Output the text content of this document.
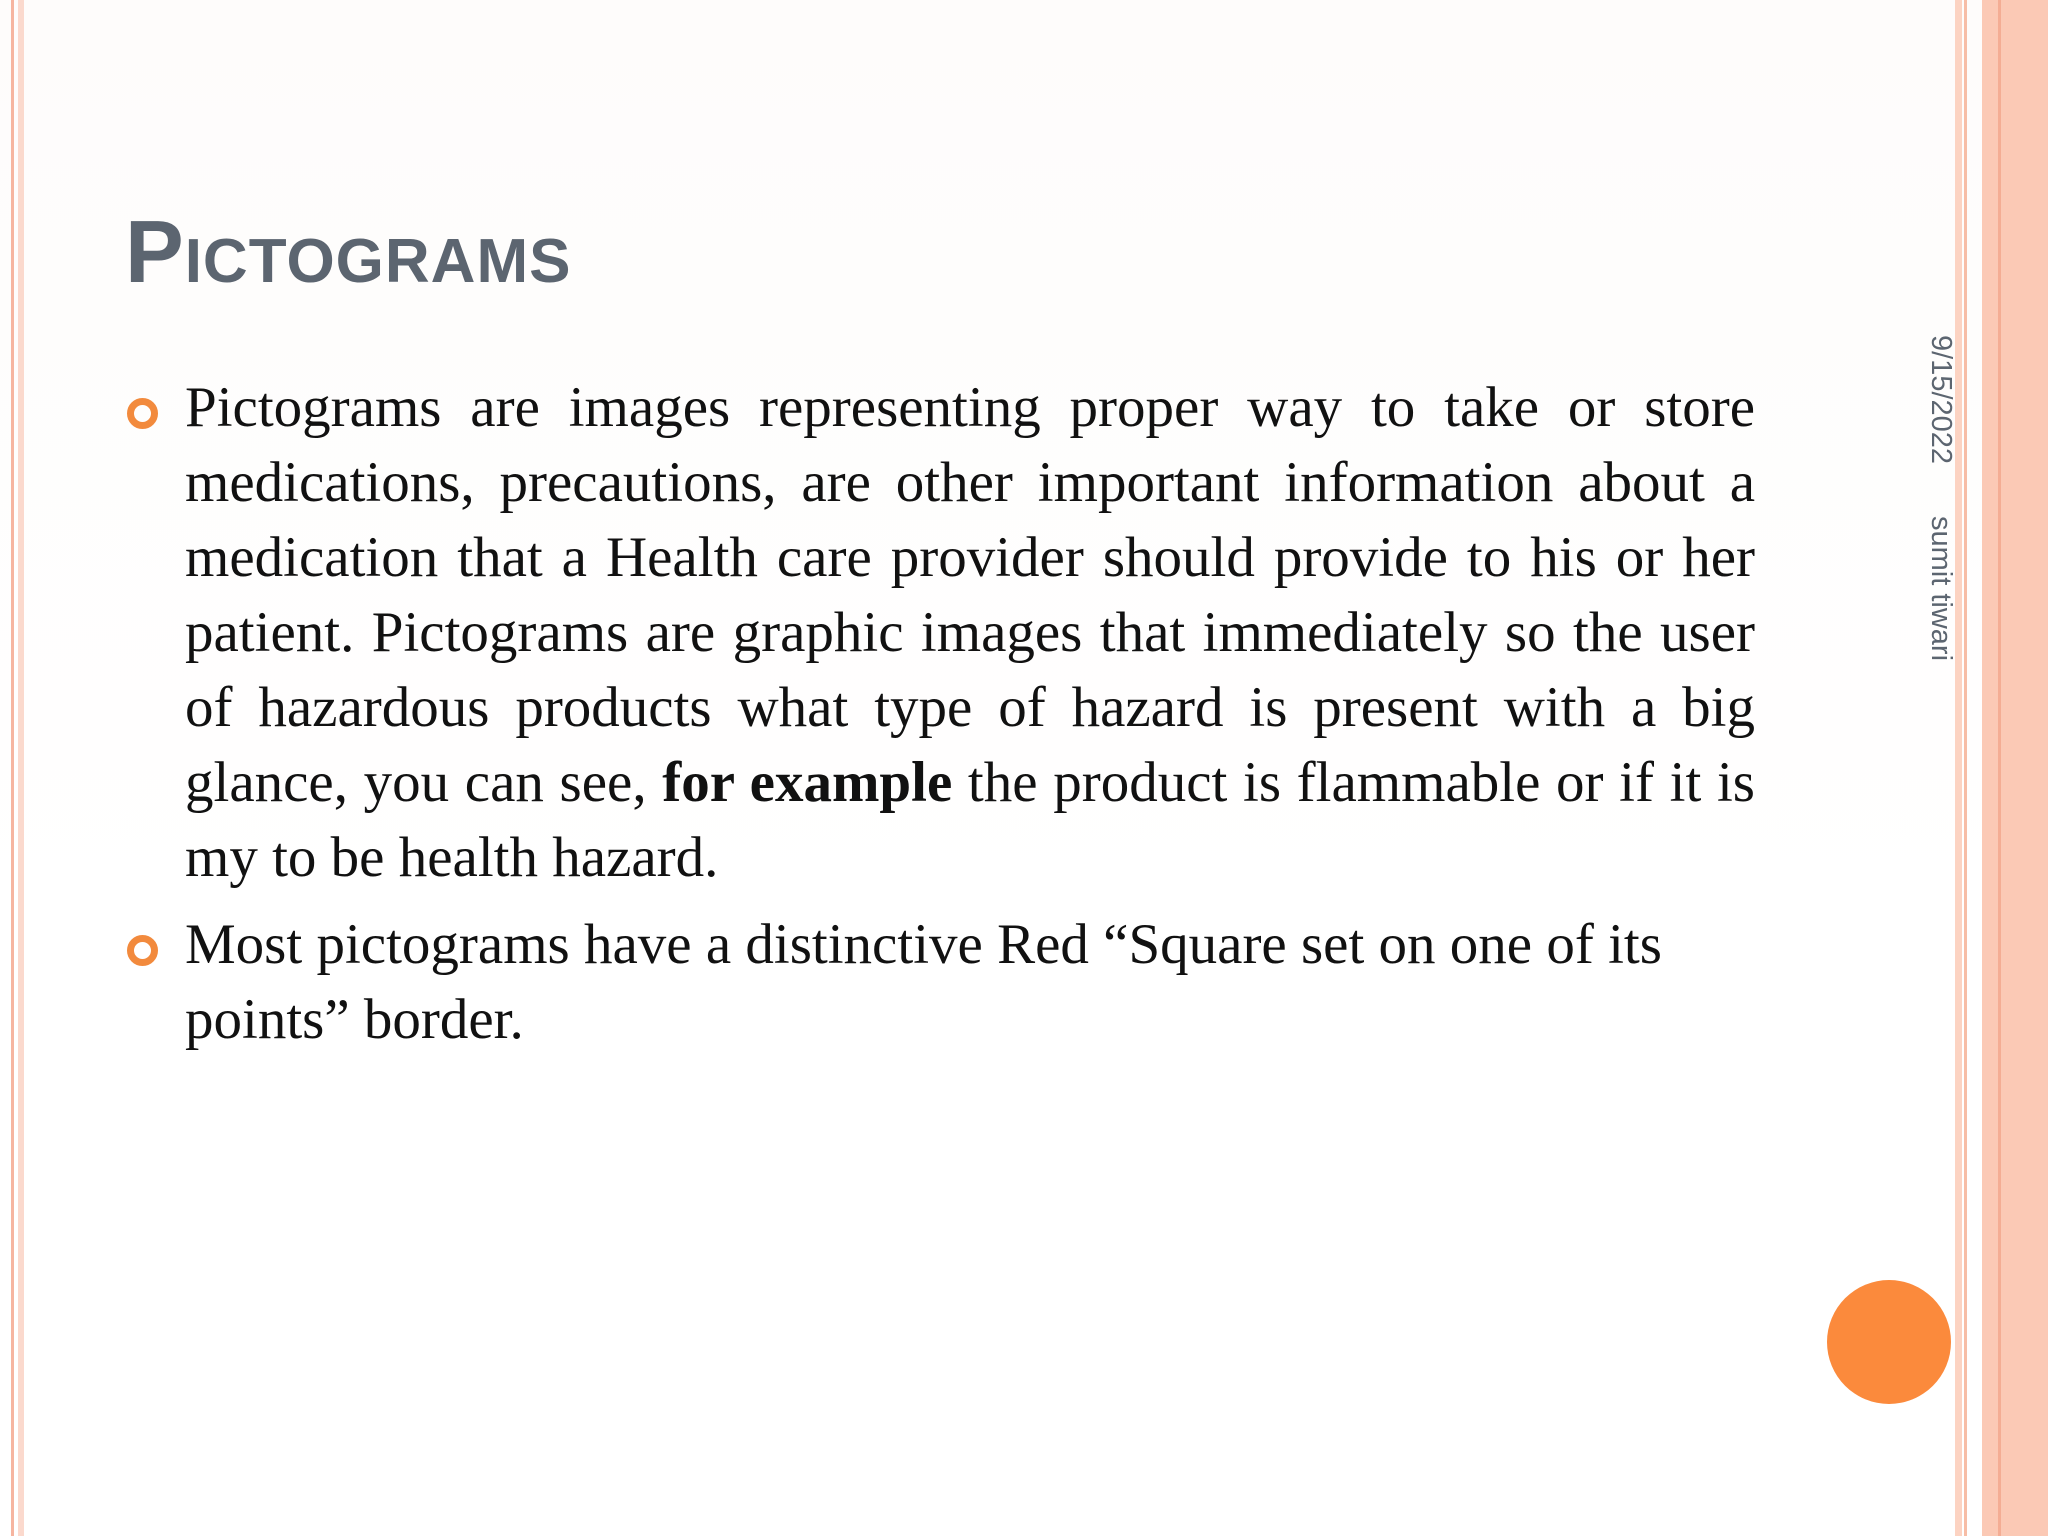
Pictograms
Pictograms are images representing proper way to take or store medications, precautions, are other important information about a medication that a Health care provider should provide to his or her patient. Pictograms are graphic images that immediately so the user of hazardous products what type of hazard is present with a big glance, you can see, for example the product is flammable or if it is my to be health hazard.
Most pictograms have a distinctive Red “Square set on one of its points” border.
9/15/2022sumit tiwari
